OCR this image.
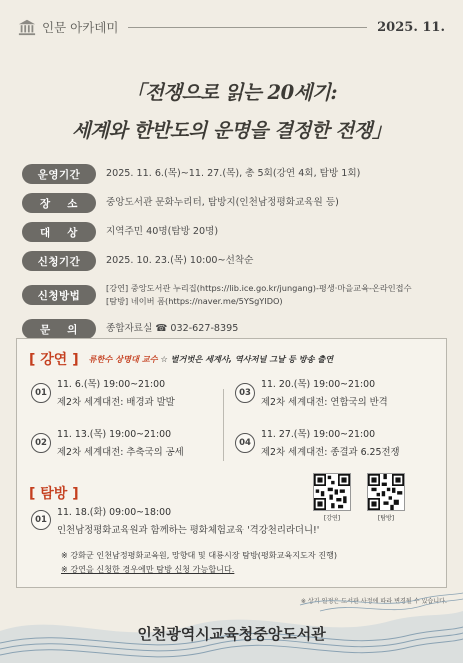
인문 아카데미	2025. 11.
「전쟁으로 읽는 20세기:
세계와 한반도의 운명을 결정한 전쟁」
운영기간	2025. 11. 6.(목)~11. 27.(목), 총 5회(강연 4회, 탐방 1회)
장    소	중앙도서관 문화누리터, 탐방지(인천남정평화교육원 등)
대    상	지역주민 40명(탐방 20명)
신청기간	2025. 10. 23.(목) 10:00~선착순
신청방법
[강연] 중앙도서관 누리집(https://lib.ice.go.kr/jungang)-평생·마을교육-온라인접수
[탐방] 네이버 폼(https://naver.me/5YSgYIDO)
문    의	종합자료실 ☎ 032-627-8395
[ 강연 ] 류한수 상명대 교수 ☆ 벌거벗은 세계사, 역사저널 그날 등 방송 출연
01
11. 6.(목) 19:00~21:00
제2차 세계대전: 배경과 발발
02
11. 13.(목) 19:00~21:00
제2차 세계대전: 추축국의 공세
03
11. 20.(목) 19:00~21:00
제2차 세계대전: 연합국의 반격
04
11. 27.(목) 19:00~21:00
제2차 세계대전: 종결과 6.25전쟁
[강연]	[탐방]
[ 탐방 ]
01
11. 18.(화) 09:00~18:00
인천남정평화교육원과 함께하는 평화체험교육 '격강천리라더니!'
※ 강화군 인천남정평화교육원, 망향대 및 대룡시장 탐방(평화교육지도자 진행)
※ 강연을 신청한 경우에만 탐방 신청 가능합니다.
※ 상기 일정은 도서관 사정에 따라 변경될 수 있습니다.
인천광역시교육청중앙도서관
